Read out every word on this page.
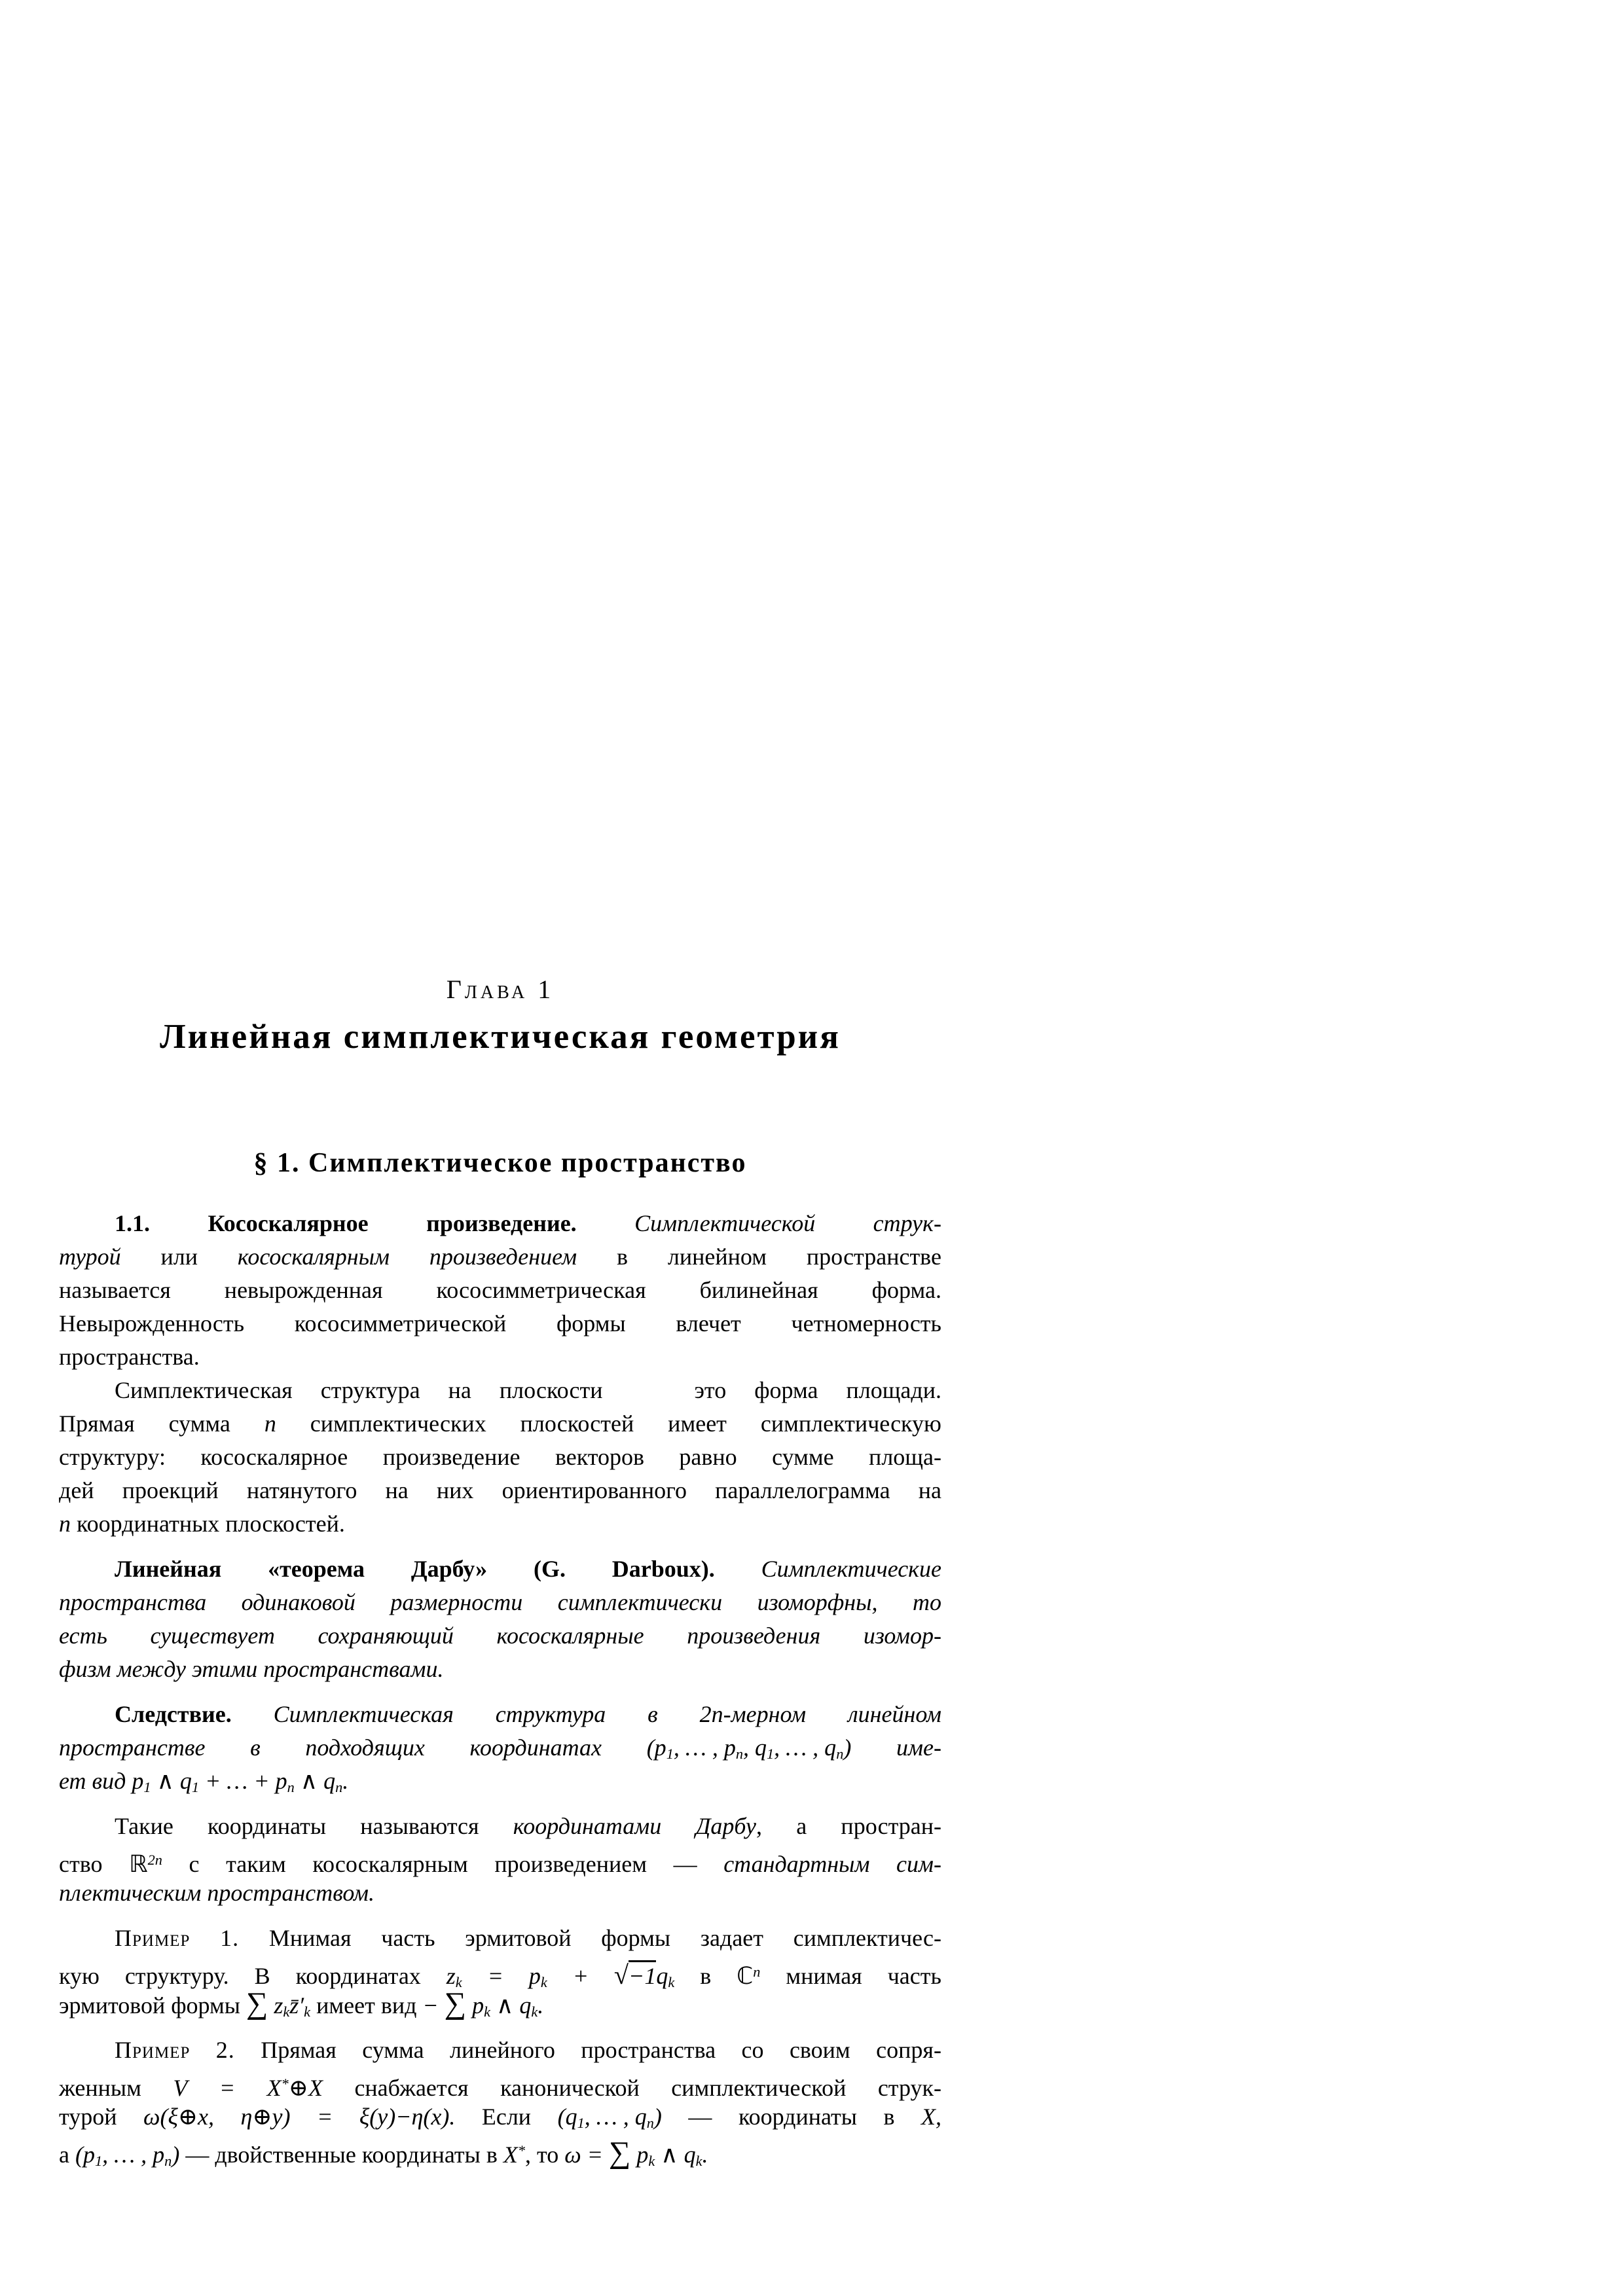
Глава 1
Линейная симплектическая геометрия
§ 1. Симплектическое пространство
1.1. Кососкалярное произведение. Симплектической струк-
турой или кососкалярным произведением в линейном пространстве
называется невырожденная кососимметрическая билинейная форма.
Невырожденность кососимметрической формы влечет четномерность
пространства.
Симплектическая структура на плоскости
	это форма площади.
Прямая сумма n симплектических плоскостей имеет симплектическую
структуру: кососкалярное произведение векторов равно сумме площа-
дей проекций натянутого на них ориентированного параллелограмма на
n координатных плоскостей.
Линейная «теорема Дарбу» (G. Darboux). Симплектические
пространства одинаковой размерности симплектически изоморфны, то
есть существует сохраняющий кососкалярные произведения изомор-
физм между этими пространствами.
Следствие. Симплектическая структура в 2n-мерном линейном
пространстве в подходящих координатах (p1, … , pn, q1, … , qn) име-
ет вид p1 ∧ q1 + … + pn ∧ qn.
Такие координаты называются координатами Дарбу, а простран-
ство ℝ$^{2n}$ с таким кососкалярным произведением — стандартным сим-
плектическим пространством.
Пример 1. Мнимая часть эрмитовой формы задает симплектичес-
кую структуру. В координатах zk = pk + √−1qk в ℂ$^n$ мнимая часть
эрмитовой формы ∑ zkz̄′k имеет вид − ∑ pk ∧ qk.
Пример 2. Прямая сумма линейного пространства со своим сопря-
женным V = X*⊕X снабжается канонической симплектической струк-
турой ω(ξ⊕x, η⊕y) = ξ(y)−η(x). Если (q1, … , qn) — координаты в X,
а (p1, … , pn) — двойственные координаты в X*, то ω = ∑ pk ∧ qk.
